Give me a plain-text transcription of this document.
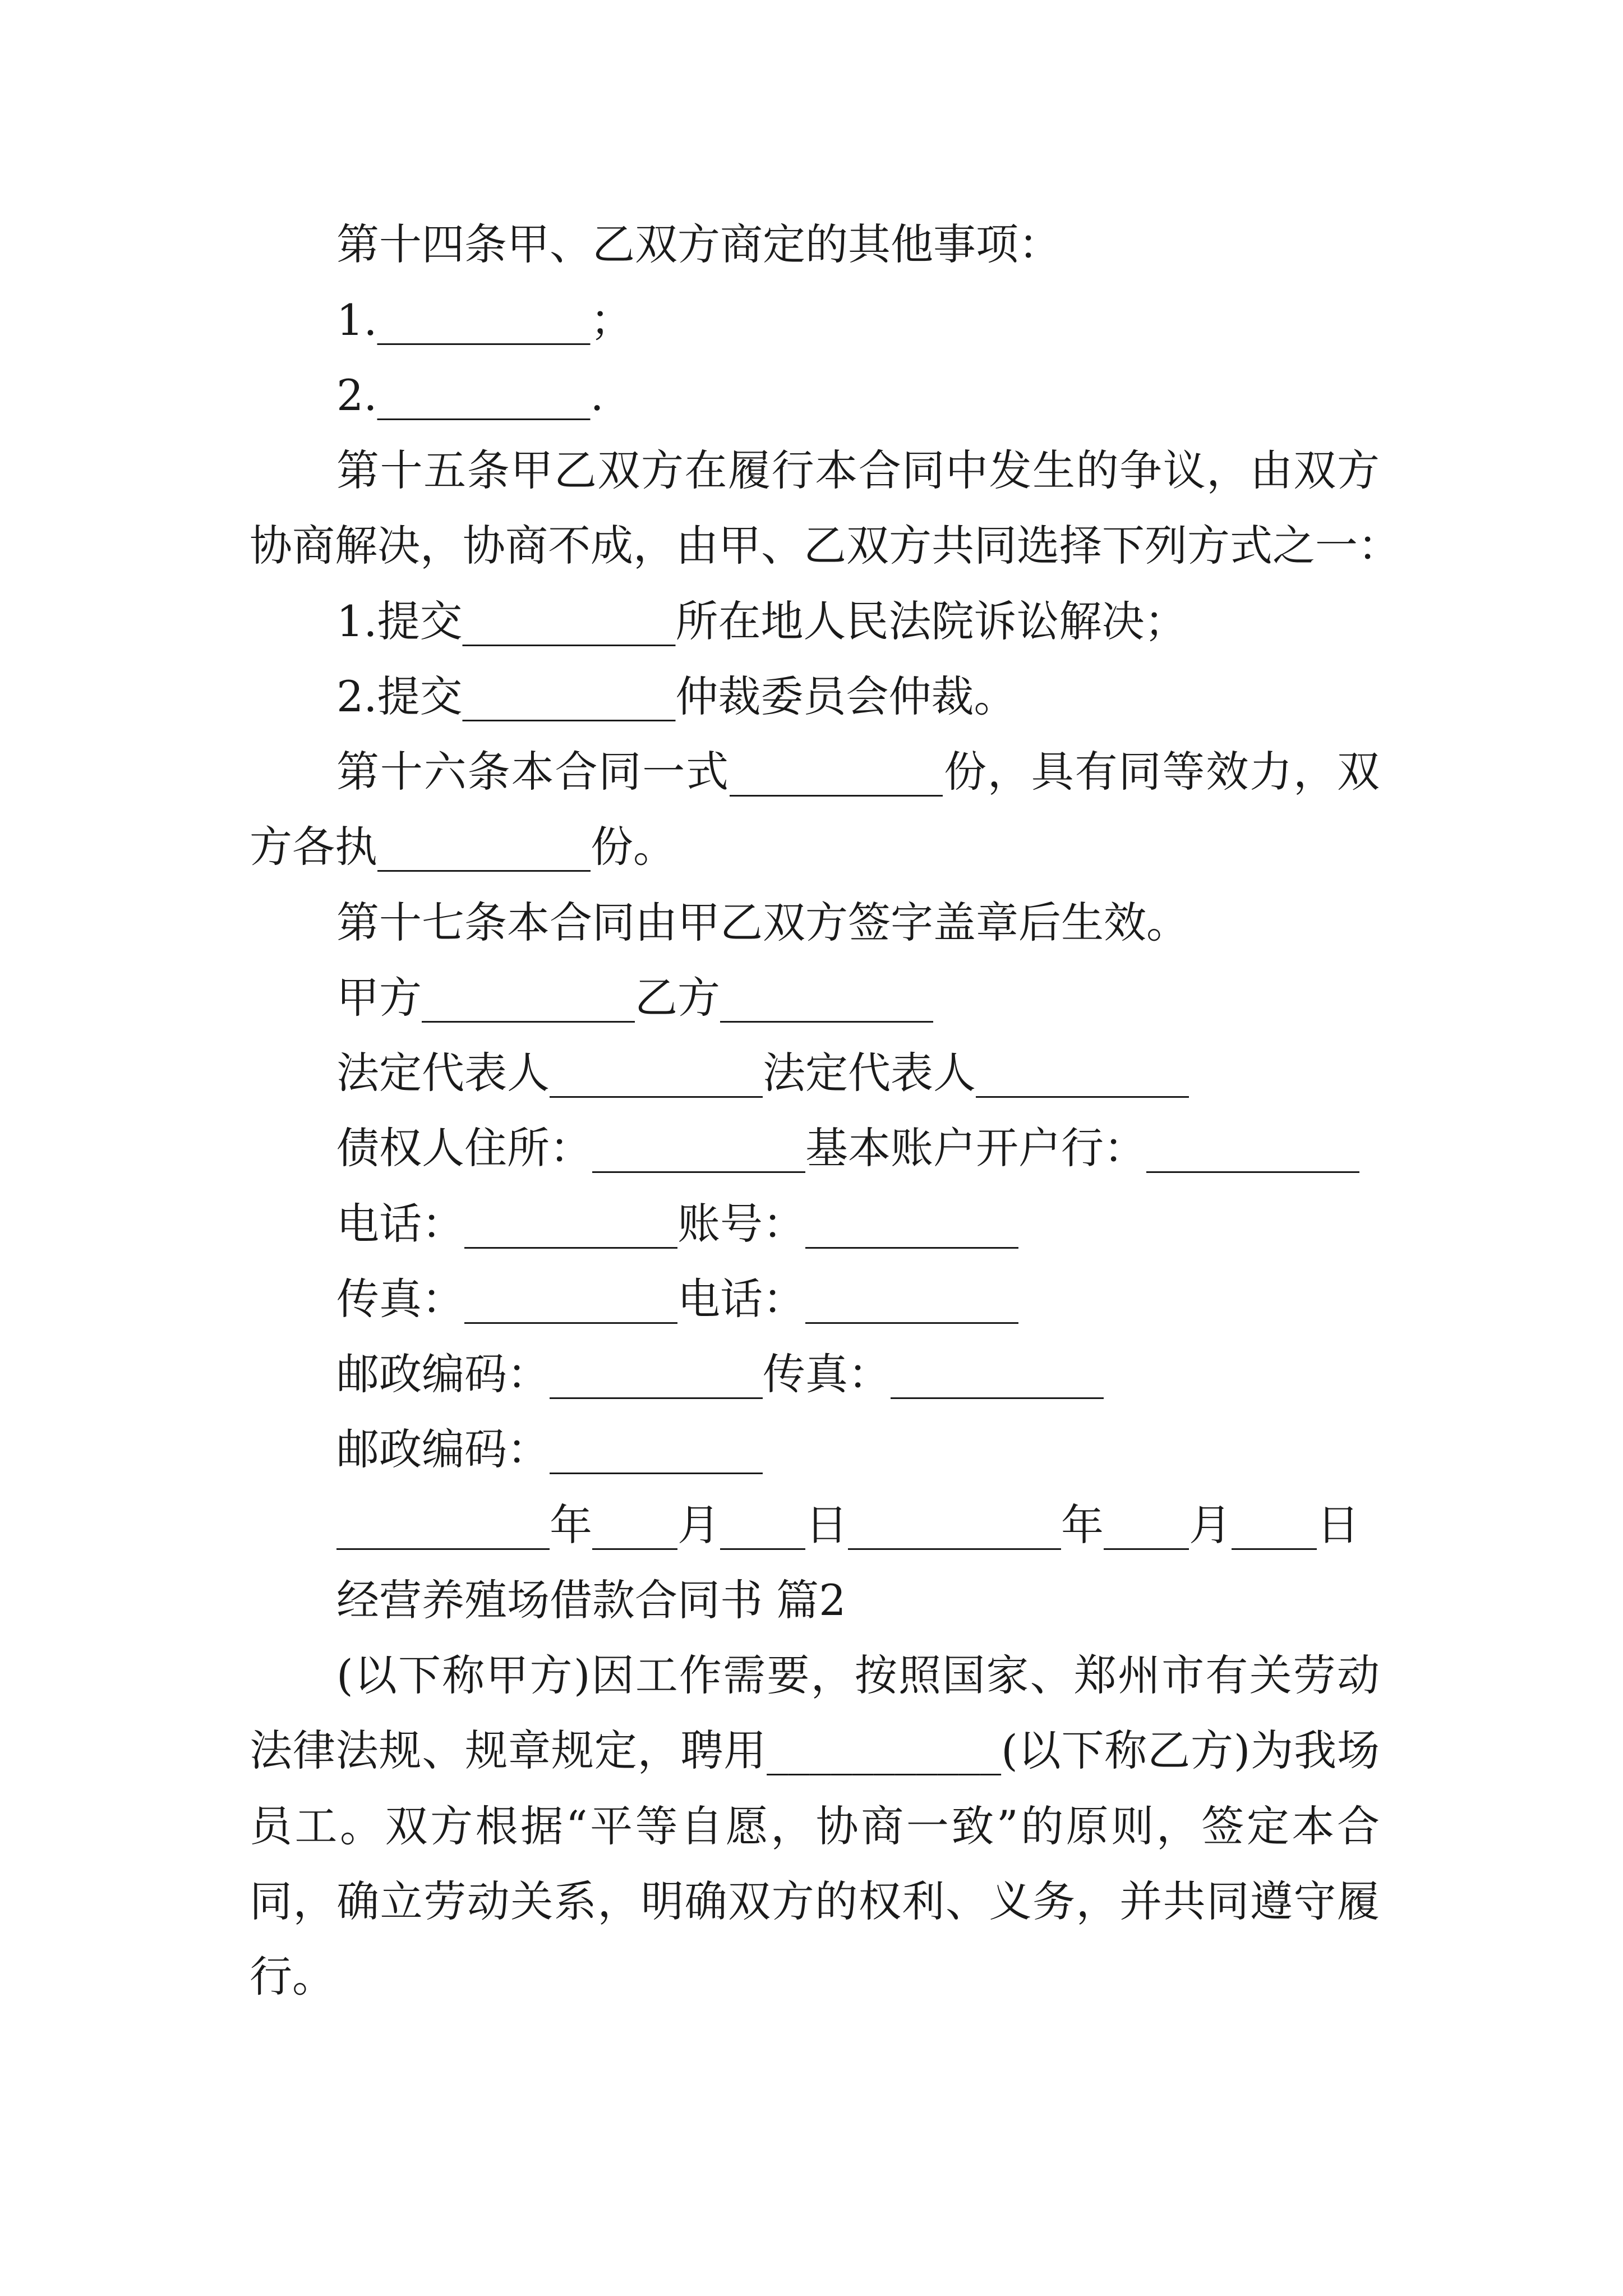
第十四条甲、乙双方商定的其他事项：
1.__________；
2.__________.
第十五条甲乙双方在履行本合同中发生的争议，由双方
协商解决，协商不成，由甲、乙双方共同选择下列方式之一：
1.提交__________所在地人民法院诉讼解决；
2.提交__________仲裁委员会仲裁。
第十六条本合同一式__________份，具有同等效力，双
方各执__________份。
第十七条本合同由甲乙双方签字盖章后生效。
甲方__________乙方__________
法定代表人__________法定代表人__________
债权人住所：__________基本账户开户行：__________
电话：__________账号：__________
传真：__________电话：__________
邮政编码：__________传真：__________
邮政编码：__________
__________年____月____日__________年____月____日
经营养殖场借款合同书 篇2
(以下称甲方)因工作需要，按照国家、郑州市有关劳动
法律法规、规章规定，聘用___________(以下称乙方)为我场
员工。双方根据“平等自愿，协商一致”的原则，签定本合
同，确立劳动关系，明确双方的权利、义务，并共同遵守履
行。
